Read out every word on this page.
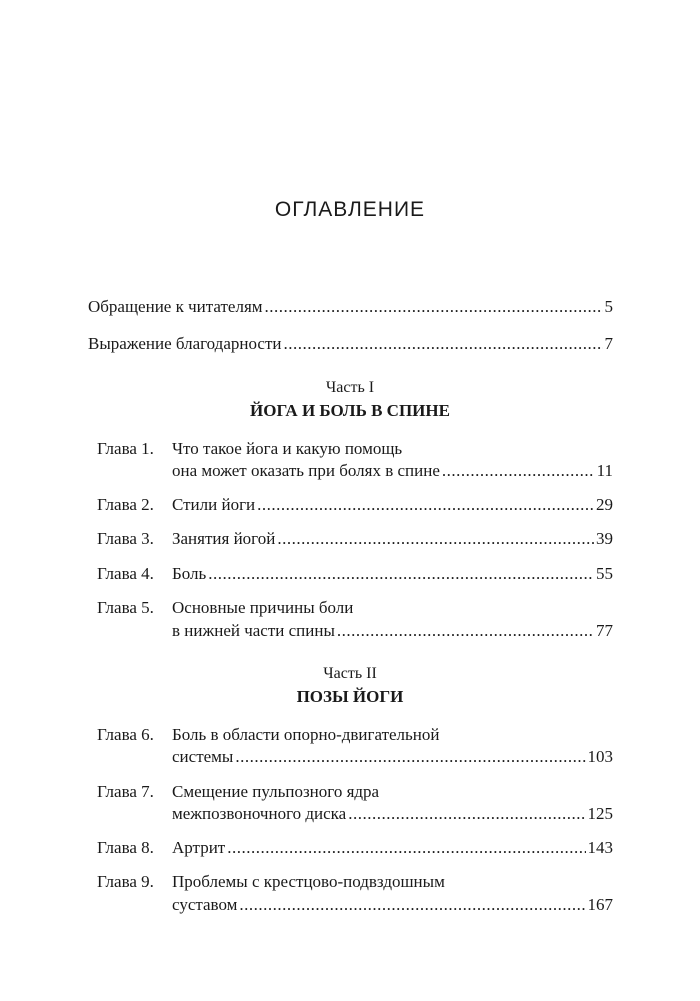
ОГЛАВЛЕНИЕ
Обращение к читателям .....	5
Выражение благодарности .....	7
Часть I
ЙОГА И БОЛЬ В СПИНЕ
Глава 1. Что такое йога и какую помощь
она может оказать при болях в спине .....	11
Глава 2. Стили йоги .....	29
Глава 3. Занятия йогой .....	39
Глава 4. Боль .....	55
Глава 5. Основные причины боли
в нижней части спины .....	77
Часть II
ПОЗЫ ЙОГИ
Глава 6. Боль в области опорно-двигательной
системы .....	103
Глава 7. Смещение пульпозного ядра
межпозвоночного диска .....	125
Глава 8. Артрит .....	143
Глава 9. Проблемы с крестцово-подвздошным
суставом .....	167
